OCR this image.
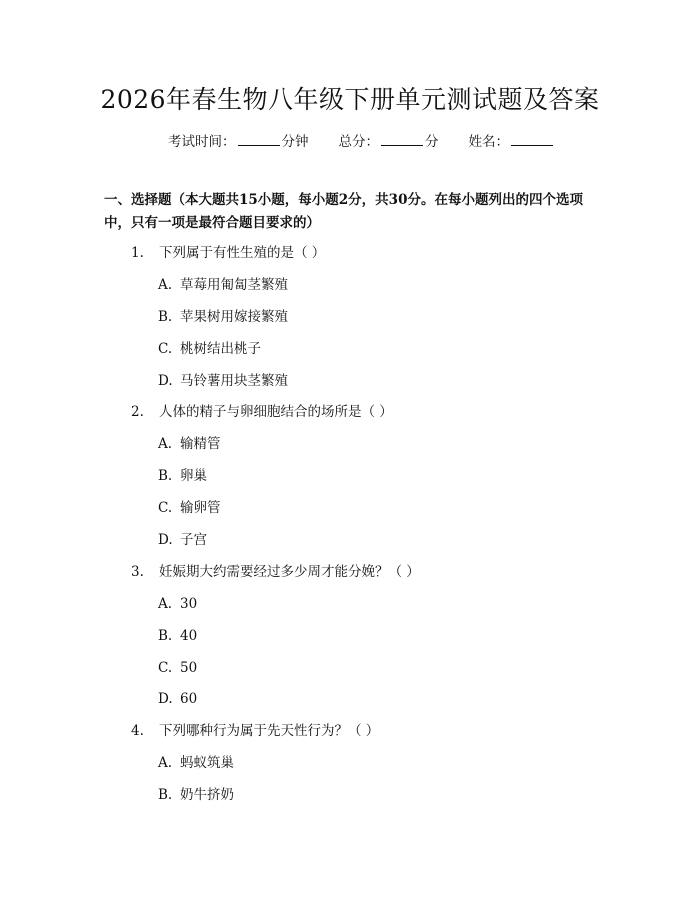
2026年春生物八年级下册单元测试题及答案
考试时间：	分钟 总分：	分 姓名：

一、选择题（本大题共15小题，每小题2分，共30分。在每小题列出的四个选项中，只有一项是最符合题目要求的）

1.	下列属于有性生殖的是（ ）

A. 草莓用匍匐茎繁殖

B. 苹果树用嫁接繁殖

C. 桃树结出桃子

D. 马铃薯用块茎繁殖

2.	人体的精子与卵细胞结合的场所是（ ）

A. 输精管

B. 卵巢

C. 输卵管

D. 子宫

3.	妊娠期大约需要经过多少周才能分娩？（ ）

A. 30

B. 40

C. 50

D. 60

4.	下列哪种行为属于先天性行为？（ ）

A. 蚂蚁筑巢

B. 奶牛挤奶
